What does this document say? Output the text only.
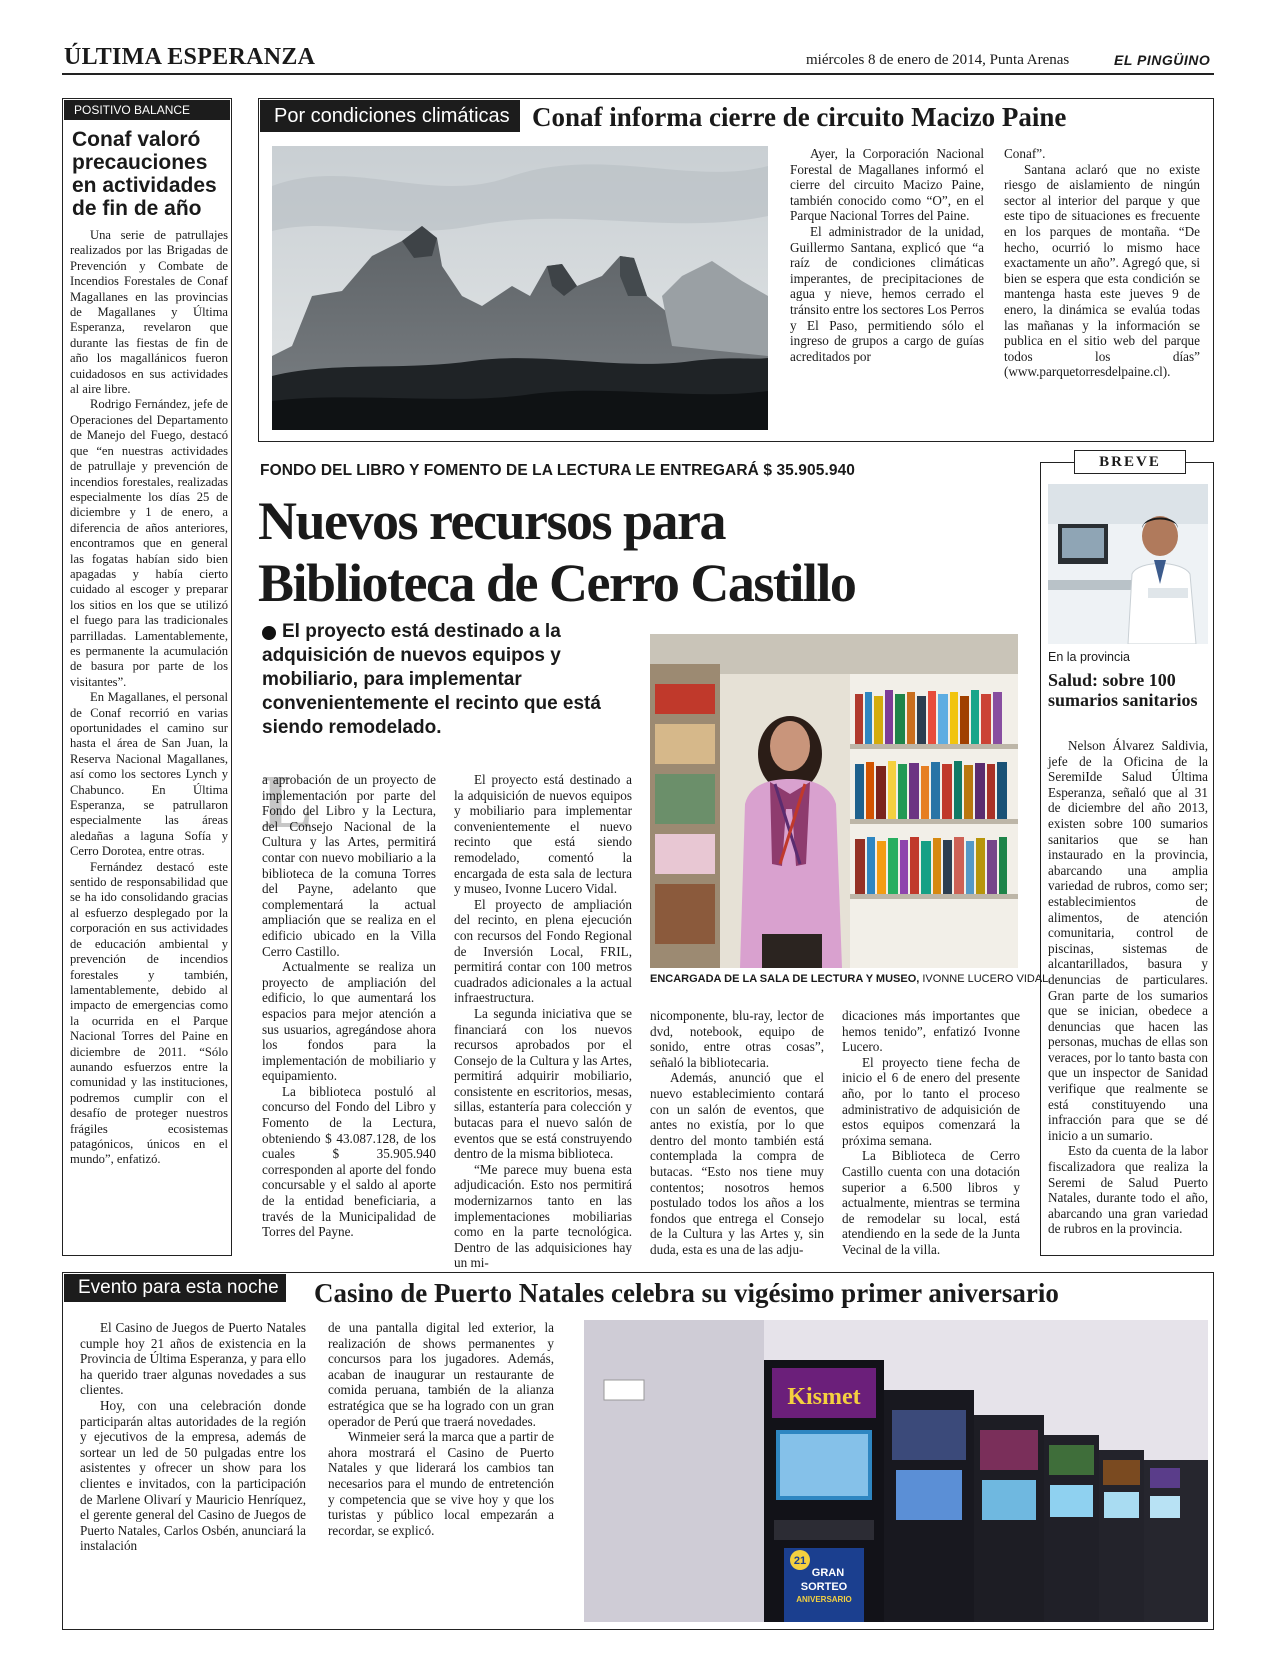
ÚLTIMA ESPERANZA	miércoles 8 de enero de 2014, Punta Arenas	EL PINGÜINO
POSITIVO BALANCE
Conaf valoró precauciones en actividades de fin de año

Una serie de patrullajes realizados por las Brigadas de Prevención y Combate de Incendios Forestales de Conaf Magallanes en las provincias de Magallanes y Última Esperanza, revelaron que durante las fiestas de fin de año los magallánicos fueron cuidadosos en sus actividades al aire libre.

Rodrigo Fernández, jefe de Operaciones del Departamento de Manejo del Fuego, destacó que “en nuestras actividades de patrullaje y prevención de incendios forestales, realizadas especialmente los días 25 de diciembre y 1 de enero, a diferencia de años anteriores, encontramos que en general las fogatas habían sido bien apagadas y había cierto cuidado al escoger y preparar los sitios en los que se utilizó el fuego para las tradicionales parrilladas. Lamentablemente, es permanente la acumulación de basura por parte de los visitantes”.

En Magallanes, el personal de Conaf recorrió en varias oportunidades el camino sur hasta el área de San Juan, la Reserva Nacional Magallanes, así como los sectores Lynch y Chabunco. En Última Esperanza, se patrullaron especialmente las áreas aledañas a laguna Sofía y Cerro Dorotea, entre otras.

Fernández destacó este sentido de responsabilidad que se ha ido consolidando gracias al esfuerzo desplegado por la corporación en sus actividades de educación ambiental y prevención de incendios forestales y también, lamentablemente, debido al impacto de emergencias como la ocurrida en el Parque Nacional Torres del Paine en diciembre de 2011. “Sólo aunando esfuerzos entre la comunidad y las instituciones, podremos cumplir con el desafío de proteger nuestros frágiles ecosistemas patagónicos, únicos en el mundo”, enfatizó.

Por condiciones climáticas Conaf informa cierre de circuito Macizo Paine

Ayer, la Corporación Nacional Forestal de Magallanes informó el cierre del circuito Macizo Paine, también conocido como “O”, en el Parque Nacional Torres del Paine.

El administrador de la unidad, Guillermo Santana, explicó que “a raíz de condiciones climáticas imperantes, de precipitaciones de agua y nieve, hemos cerrado el tránsito entre los sectores Los Perros y El Paso, permitiendo sólo el ingreso de grupos a cargo de guías acreditados por

Conaf”.

Santana aclaró que no existe riesgo de aislamiento de ningún sector al interior del parque y que este tipo de situaciones es frecuente en los parques de montaña. “De hecho, ocurrió lo mismo hace exactamente un año”. Agregó que, si bien se espera que esta condición se mantenga hasta este jueves 9 de enero, la dinámica se evalúa todas las mañanas y la información se publica en el sitio web del parque todos los días” (www.parquetorresdelpaine.cl).

FONDO DEL LIBRO Y FOMENTO DE LA LECTURA LE ENTREGARÁ $ 35.905.940
Nuevos recursos para
Biblioteca de Cerro Castillo
El proyecto está destinado a la adquisición de nuevos equipos y mobiliario, para implementar convenientemente el recinto que está siendo remodelado.
ENCARGADA DE LA SALA DE LECTURA Y MUSEO, IVONNE LUCERO VIDAL.
L

a aprobación de un proyecto de implementación por parte del Fondo del Libro y la Lectura, del Consejo Nacional de la Cultura y las Artes, permitirá contar con nuevo mobiliario a la biblioteca de la comuna Torres del Payne, adelanto que complementará la actual ampliación que se realiza en el edificio ubicado en la Villa Cerro Castillo.

Actualmente se realiza un proyecto de ampliación del edificio, lo que aumentará los espacios para mejor atención a sus usuarios, agregándose ahora los fondos para la implementación de mobiliario y equipamiento.

La biblioteca postuló al concurso del Fondo del Libro y Fomento de la Lectura, obteniendo $ 43.087.128, de los cuales $ 35.905.940 corresponden al aporte del fondo concursable y el saldo al aporte de la entidad beneficiaria, a través de la Municipalidad de Torres del Payne.

El proyecto está destinado a la adquisición de nuevos equipos y mobiliario para implementar convenientemente el nuevo recinto que está siendo remodelado, comentó la encargada de esta sala de lectura y museo, Ivonne Lucero Vidal.

El proyecto de ampliación del recinto, en plena ejecución con recursos del Fondo Regional de Inversión Local, FRIL, permitirá contar con 100 metros cuadrados adicionales a la actual infraestructura.

La segunda iniciativa que se financiará con los nuevos recursos aprobados por el Consejo de la Cultura y las Artes, permitirá adquirir mobiliario, consistente en escritorios, mesas, sillas, estantería para colección y butacas para el nuevo salón de eventos que se está construyendo dentro de la misma biblioteca.

“Me parece muy buena esta adjudicación. Esto nos permitirá modernizarnos tanto en las implementaciones mobiliarias como en la parte tecnológica. Dentro de las adquisiciones hay un mi-

nicomponente, blu-ray, lector de dvd, notebook, equipo de sonido, entre otras cosas”, señaló la bibliotecaria.

Además, anunció que el nuevo establecimiento contará con un salón de eventos, que antes no existía, por lo que dentro del monto también está contemplada la compra de butacas. “Esto nos tiene muy contentos; nosotros hemos postulado todos los años a los fondos que entrega el Consejo de la Cultura y las Artes y, sin duda, esta es una de las adju-

dicaciones más importantes que hemos tenido”, enfatizó Ivonne Lucero.

El proyecto tiene fecha de inicio el 6 de enero del presente año, por lo tanto el proceso administrativo de adquisición de estos equipos comenzará la próxima semana.

La Biblioteca de Cerro Castillo cuenta con una dotación superior a 6.500 libros y actualmente, mientras se termina de remodelar su local, está atendiendo en la sede de la Junta Vecinal de la villa.

BREVE
En la provincia
Salud: sobre 100 sumarios sanitarios

Nelson Álvarez Saldivia, jefe de la Oficina de la SeremiIde Salud Última Esperanza, señaló que al 31 de diciembre del año 2013, existen sobre 100 sumarios sanitarios que se han instaurado en la provincia, abarcando una amplia variedad de rubros, como ser; establecimientos de alimentos, de atención comunitaria, control de piscinas, sistemas de alcantarillados, basura y denuncias de particulares. Gran parte de los sumarios que se inician, obedece a denuncias que hacen las personas, muchas de ellas son veraces, por lo tanto basta con que un inspector de Sanidad verifique que realmente se está constituyendo una infracción para que se dé inicio a un sumario.

Esto da cuenta de la labor fiscalizadora que realiza la Seremi de Salud Puerto Natales, durante todo el año, abarcando una gran variedad de rubros en la provincia.

Evento para esta noche Casino de Puerto Natales celebra su vigésimo primer aniversario

El Casino de Juegos de Puerto Natales cumple hoy 21 años de existencia en la Provincia de Última Esperanza, y para ello ha querido traer algunas novedades a sus clientes.

Hoy, con una celebración donde participarán altas autoridades de la región y ejecutivos de la empresa, además de sortear un led de 50 pulgadas entre los asistentes y ofrecer un show para los clientes e invitados, con la participación de Marlene Olivarí y Mauricio Henríquez, el gerente general del Casino de Juegos de Puerto Natales, Carlos Osbén, anunciará la instalación

de una pantalla digital led exterior, la realización de shows permanentes y concursos para los jugadores. Además, acaban de inaugurar un restaurante de comida peruana, también de la alianza estratégica que se ha logrado con un gran operador de Perú que traerá novedades.

Winmeier será la marca que a partir de ahora mostrará el Casino de Puerto Natales y que liderará los cambios tan necesarios para el mundo de entretención y competencia que se vive hoy y que los turistas y público local empezarán a recordar, se explicó.

Kismet
21
GRAN
SORTEO
ANIVERSARIO
